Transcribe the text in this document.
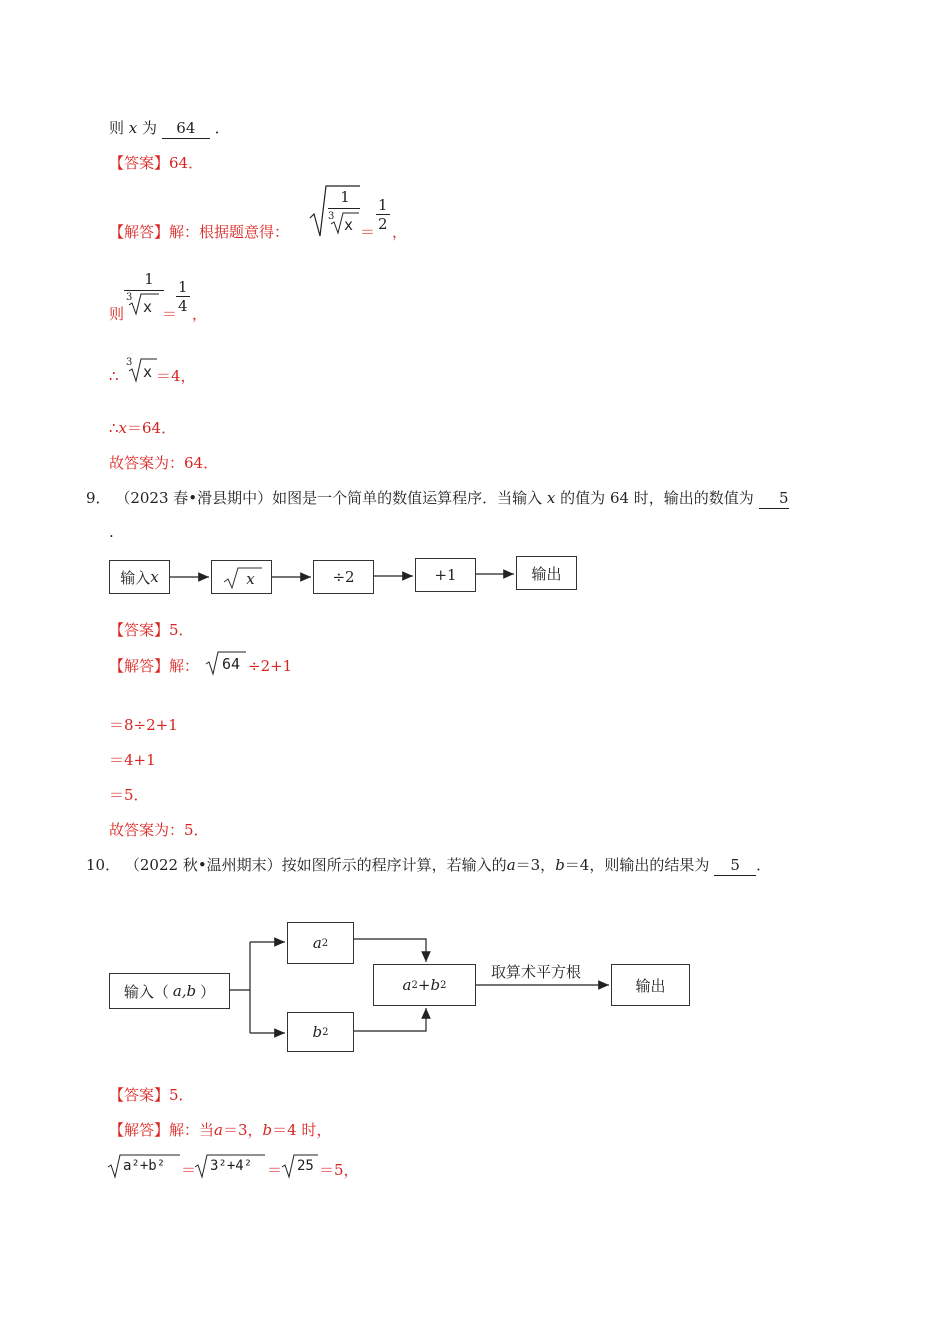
则 x 为 64 ．
【答案】64．
【解答】解：根据题意得：
1
3 $x = \frac{1}{2}$ ，
则
1
3
x ＝
$\frac{1}{4}$ ，
∴
3
x ＝4，
∴x＝64．
故答案为：64．
9． （2023 春•滑县期中）如图是一个简单的数值运算程序．当输入 x 的值为 64 时，输出的数值为 5
.
输入 x	x	÷2	+1	输出
【答案】5．
【解答】解： 64 ÷2+1
＝8÷2+1
＝4+1
＝5．
故答案为：5．
10． （2022 秋•温州期末）按如图所示的程序计算，若输入的a＝3，b＝4，则输出的结果为 5 ．
输入（ a,b ）
a 2
b 2
a 2 + b 2
取算术平方根
输出
【答案】5．
【解答】解：当a＝3，b＝4 时，
a²+b² ＝ 3²+4² ＝ 25 ＝5，
